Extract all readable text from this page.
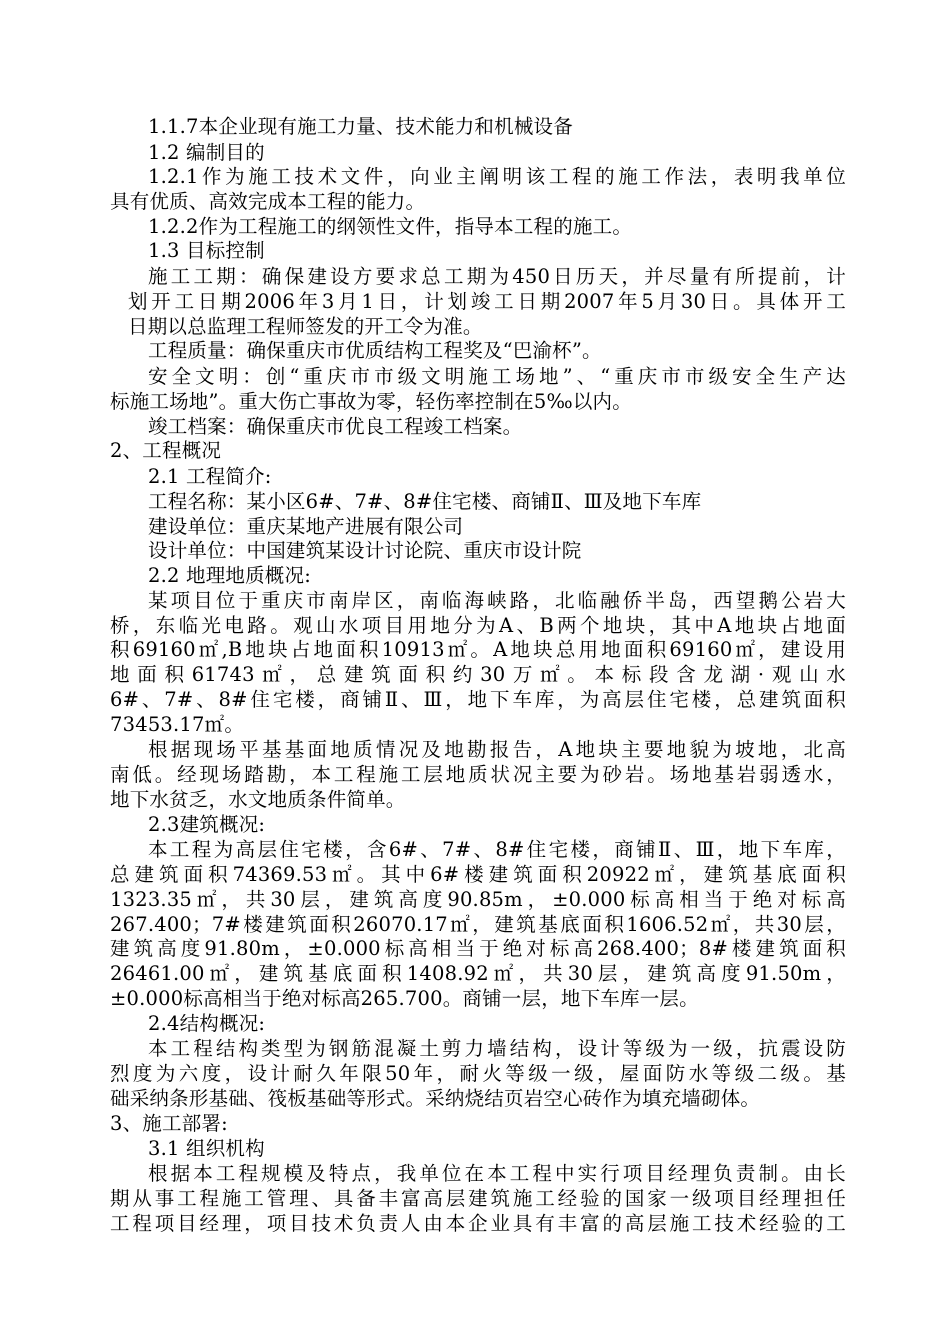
1.1.7本企业现有施工力量、技术能力和机械设备
1.2 编制目的
1.2.1作为施工技术文件，向业主阐明该工程的施工作法，表明我单位
具有优质、高效完成本工程的能力。
1.2.2作为工程施工的纲领性文件，指导本工程的施工。
1.3 目标控制
施工工期：确保建设方要求总工期为450日历天，并尽量有所提前，计
划开工日期2006年3月1日，计划竣工日期2007年5月30日。具体开工
日期以总监理工程师签发的开工令为准。
工程质量：确保重庆市优质结构工程奖及“巴渝杯”。
安全文明：创“重庆市市级文明施工场地”、“重庆市市级安全生产达
标施工场地”。重大伤亡事故为零，轻伤率控制在5‰以内。
竣工档案：确保重庆市优良工程竣工档案。
2、工程概况
2.1 工程简介:
工程名称：某小区6#、7#、8#住宅楼、商铺Ⅱ、Ⅲ及地下车库
建设单位：重庆某地产进展有限公司
设计单位：中国建筑某设计讨论院、重庆市设计院
2.2 地理地质概况:
某项目位于重庆市南岸区，南临海峡路，北临融侨半岛，西望鹅公岩大
桥，东临光电路。观山水项目用地分为A、B两个地块，其中A地块占地面
积69160㎡,B地块占地面积10913㎡。A地块总用地面积69160㎡，建设用
地面积61743㎡，总建筑面积约30万㎡。本标段含龙湖·观山水
6#、7#、8#住宅楼，商铺Ⅱ、Ⅲ，地下车库，为高层住宅楼，总建筑面积
73453.17㎡。
根据现场平基基面地质情况及地勘报告，A地块主要地貌为坡地，北高
南低。经现场踏勘，本工程施工层地质状况主要为砂岩。场地基岩弱透水，
地下水贫乏，水文地质条件简单。
2.3建筑概况:
本工程为高层住宅楼，含6#、7#、8#住宅楼，商铺Ⅱ、Ⅲ，地下车库，
总建筑面积74369.53㎡。其中6#楼建筑面积20922㎡，建筑基底面积
1323.35㎡，共30层，建筑高度90.85m，±0.000标高相当于绝对标高
267.400；7#楼建筑面积26070.17㎡，建筑基底面积1606.52㎡，共30层，
建筑高度91.80m，±0.000标高相当于绝对标高268.400；8#楼建筑面积
26461.00㎡，建筑基底面积1408.92㎡，共30层，建筑高度91.50m，
±0.000标高相当于绝对标高265.700。商铺一层，地下车库一层。
2.4结构概况:
本工程结构类型为钢筋混凝土剪力墙结构，设计等级为一级，抗震设防
烈度为六度，设计耐久年限50年，耐火等级一级，屋面防水等级二级。基
础采纳条形基础、筏板基础等形式。采纳烧结页岩空心砖作为填充墙砌体。
3、施工部署:
3.1 组织机构
根据本工程规模及特点，我单位在本工程中实行项目经理负责制。由长
期从事工程施工管理、具备丰富高层建筑施工经验的国家一级项目经理担任
工程项目经理，项目技术负责人由本企业具有丰富的高层施工技术经验的工
